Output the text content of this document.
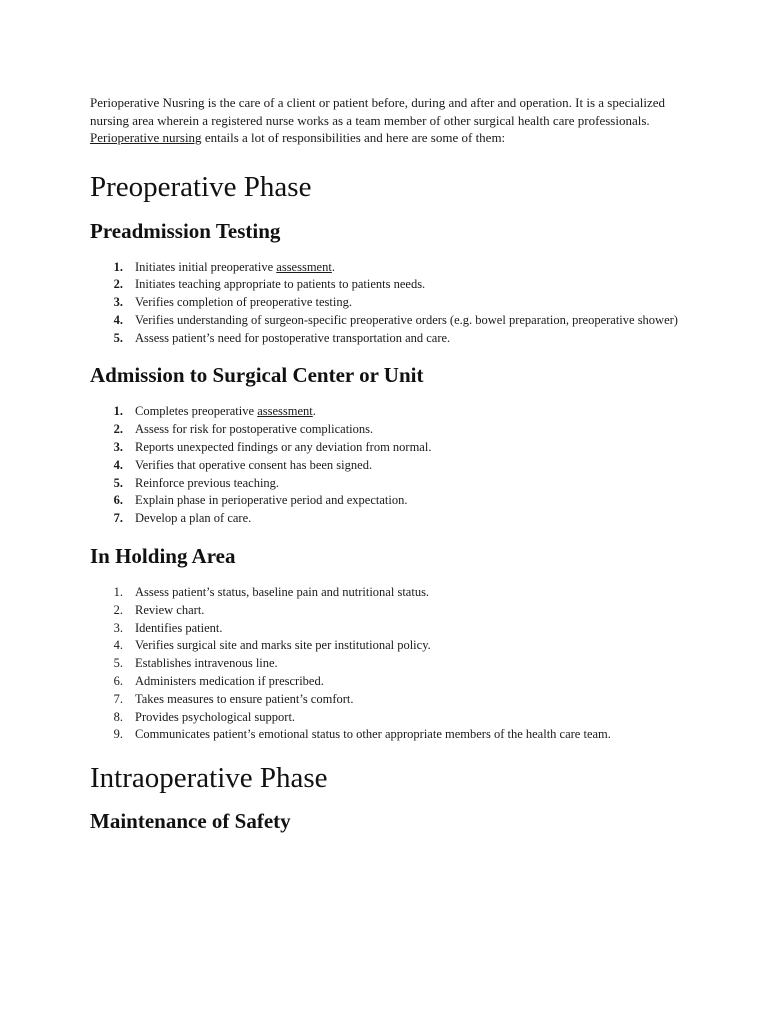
Perioperative Nusring is the care of a client or patient before, during and after and operation. It is a specialized nursing area wherein a registered nurse works as a team member of other surgical health care professionals. Perioperative nursing entails a lot of responsibilities and here are some of them:

Preoperative Phase
Preadmission Testing
1. Initiates initial preoperative assessment.
2. Initiates teaching appropriate to patients to patients needs.
3. Verifies completion of preoperative testing.
4. Verifies understanding of surgeon-specific preoperative orders (e.g. bowel preparation, preoperative shower)
5. Assess patient’s need for postoperative transportation and care.
Admission to Surgical Center or Unit
1. Completes preoperative assessment.
2. Assess for risk for postoperative complications.
3. Reports unexpected findings or any deviation from normal.
4. Verifies that operative consent has been signed.
5. Reinforce previous teaching.
6. Explain phase in perioperative period and expectation.
7. Develop a plan of care.
In Holding Area
1. Assess patient’s status, baseline pain and nutritional status.
2. Review chart.
3. Identifies patient.
4. Verifies surgical site and marks site per institutional policy.
5. Establishes intravenous line.
6. Administers medication if prescribed.
7. Takes measures to ensure patient’s comfort.
8. Provides psychological support.
9. Communicates patient’s emotional status to other appropriate members of the health care team.
Intraoperative Phase
Maintenance of Safety
